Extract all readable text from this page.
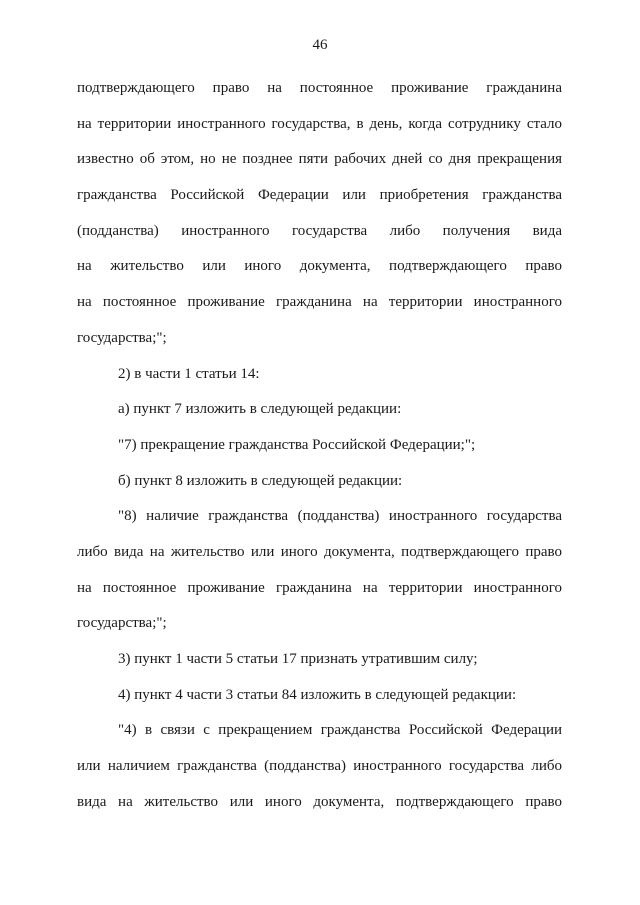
46
подтверждающего право на постоянное проживание гражданина
на территории иностранного государства, в день, когда сотруднику стало
известно об этом, но не позднее пяти рабочих дней со дня прекращения
гражданства Российской Федерации или приобретения гражданства
(подданства) иностранного государства либо получения вида
на жительство или иного документа, подтверждающего право
на постоянное проживание гражданина на территории иностранного
государства;";
2) в части 1 статьи 14:
а) пункт 7 изложить в следующей редакции:
"7) прекращение гражданства Российской Федерации;";
б) пункт 8 изложить в следующей редакции:
"8) наличие гражданства (подданства) иностранного государства
либо вида на жительство или иного документа, подтверждающего право
на постоянное проживание гражданина на территории иностранного
государства;";
3) пункт 1 части 5 статьи 17 признать утратившим силу;
4) пункт 4 части 3 статьи 84 изложить в следующей редакции:
"4) в связи с прекращением гражданства Российской Федерации
или наличием гражданства (подданства) иностранного государства либо
вида на жительство или иного документа, подтверждающего право
